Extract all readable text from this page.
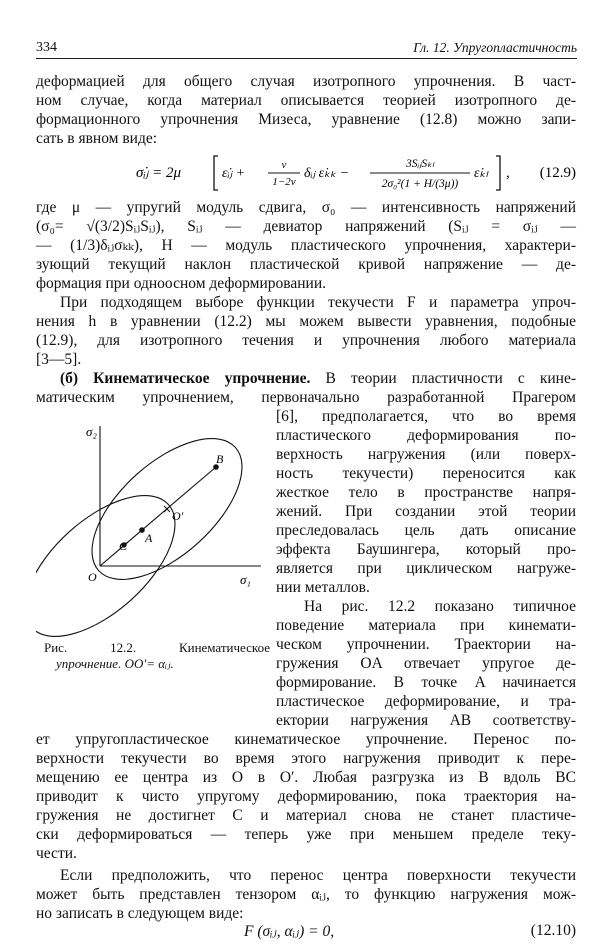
334	Гл. 12. Упругопластичность
деформацией для общего случая изотропного упрочнения. В част-
ном случае, когда материал описывается теорией изотропного де-
формационного упрочнения Мизеса, уравнение (12.8) можно запи-
сать в явном виде:
σ̇ᵢⱼ = 2μ	ε̇ᵢⱼ +
ν
1−2ν
δᵢⱼ ε̇ₖₖ −
3SᵢⱼSₖₗ
2σ₀²(1 + H/(3μ))
ε̇ₖₗ , (12.9)
где μ — упругий модуль сдвига, σ₀ — интенсивность напряжений
(σ₀= √(3/2)SᵢⱼSᵢⱼ), Sᵢⱼ — девиатор напряжений (Sᵢⱼ = σᵢⱼ —
— (1/3)δᵢⱼσₖₖ), H — модуль пластического упрочнения, характери-
зующий текущий наклон пластической кривой напряжение — де-
формация при одноосном деформировании.
При подходящем выборе функции текучести F и параметра упроч-
нения h в уравнении (12.2) мы можем вывести уравнения, подобные
(12.9), для изотропного течения и упрочнения любого материала
[3—5].
(б) Кинематическое упрочнение. В теории пластичности с кине-
матическим упрочнением, первоначально разработанной Прагером
[6], предполагается, что во время
пластического деформирования по-
верхность нагружения (или поверх-
ность текучести) переносится как
жесткое тело в пространстве напря-
жений. При создании этой теории
преследовалась цель дать описание
эффекта Баушингера, который про-
является при циклическом нагруже-
нии металлов.
На рис. 12.2 показано типичное
поведение материала при кинемати-
ческом упрочнении. Траектории на-
гружения OA отвечает упругое де-
формирование. В точке A начинается
пластическое деформирование, и тра-
ектории нагружения AB соответству-
σ₂
σ₁
O
O′
A
B
C
Рис. 12.2. Кинематическое
упрочнение. OO′= αᵢⱼ.
ет упругопластическое кинематическое упрочнение. Перенос по-
верхности текучести во время этого нагружения приводит к пере-
мещению ее центра из O в O′. Любая разгрузка из B вдоль BC
приводит к чисто упругому деформированию, пока траектория на-
гружения не достигнет C и материал снова не станет пластиче-
ски деформироваться — теперь уже при меньшем пределе теку-
чести.
Если предположить, что перенос центра поверхности текучести
может быть представлен тензором αᵢⱼ, то функцию нагружения мож-
но записать в следующем виде:
F (σᵢⱼ, αᵢⱼ) = 0,	(12.10)
